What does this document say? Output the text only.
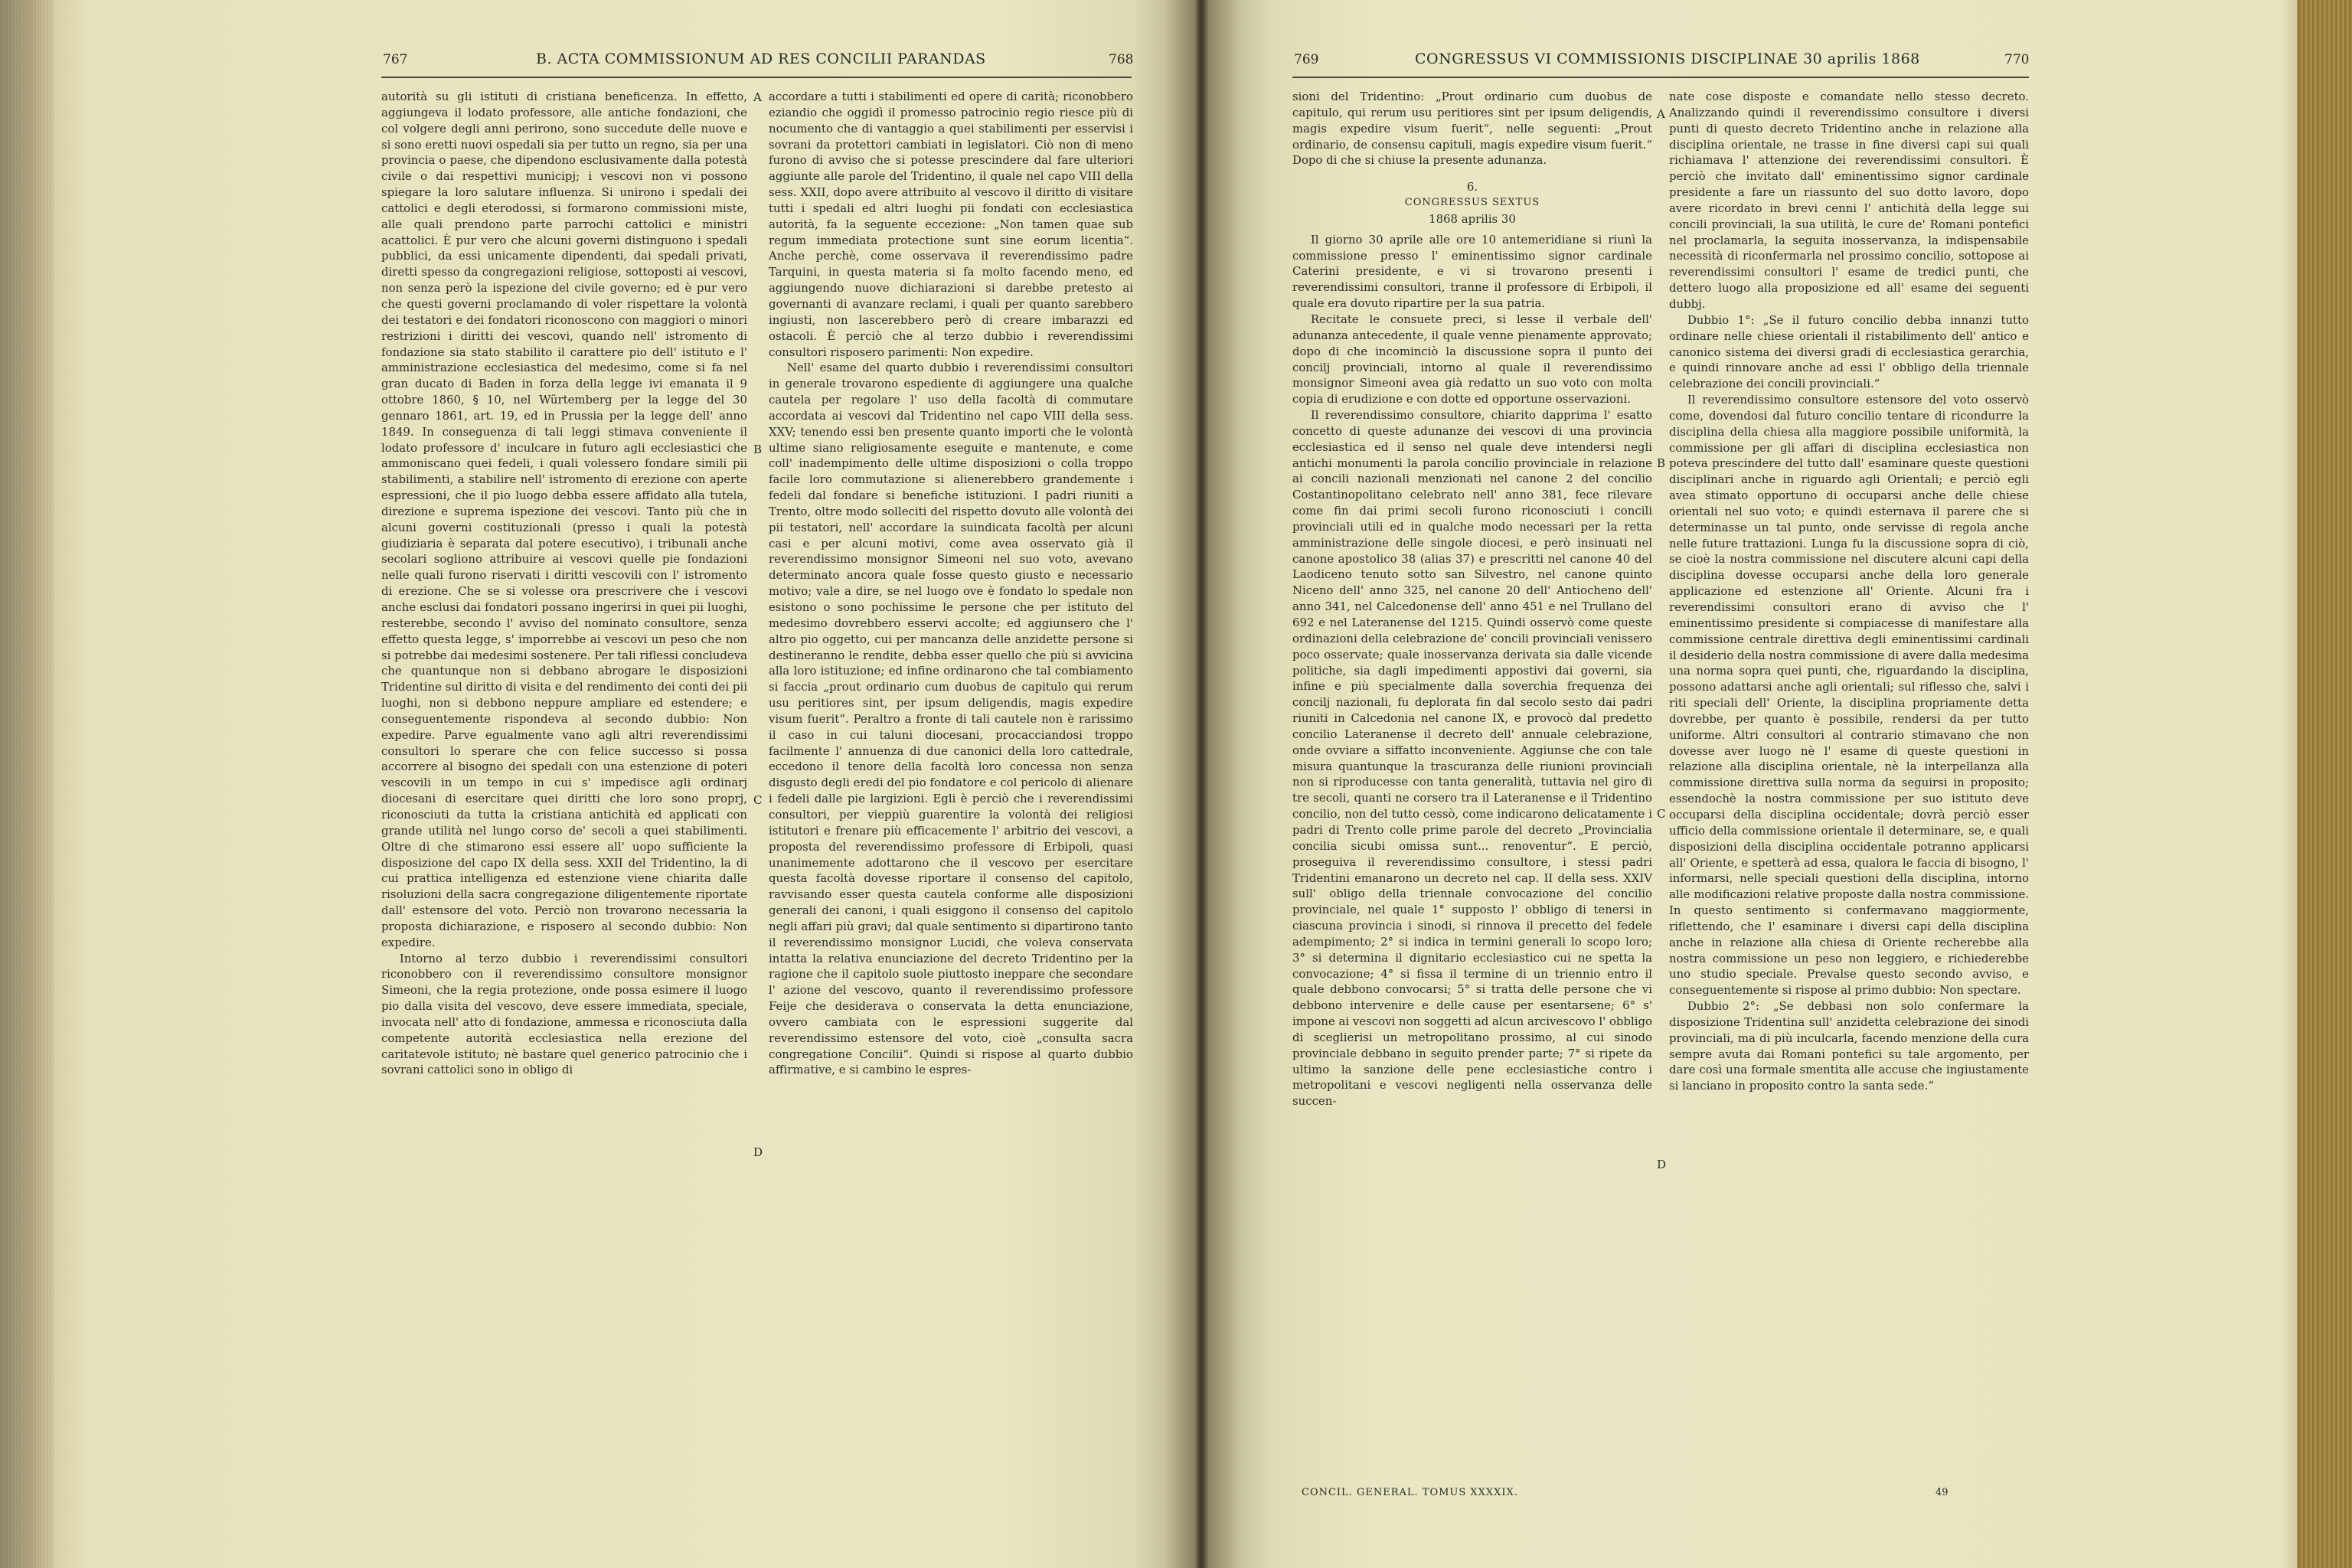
767	B. ACTA COMMISSIONUM AD RES CONCILII PARANDAS	768

autorità su gli istituti di cristiana beneficenza. In effetto, aggiungeva il lodato professore, alle antiche fondazioni, che col volgere degli anni perirono, sono succedute delle nuove e si sono eretti nuovi ospedali sia per tutto un regno, sia per una provincia o paese, che dipendono esclusivamente dalla potestà civile o dai respettivi municipj; i vescovi non vi possono spiegare la loro salutare influenza. Si unirono i spedali dei cattolici e degli eterodossi, si formarono commissioni miste, alle quali prendono parte parrochi cattolici e ministri acattolici. È pur vero che alcuni governi distinguono i spedali pubblici, da essi unicamente dipendenti, dai spedali privati, diretti spesso da congregazioni religiose, sottoposti ai vescovi, non senza però la ispezione del civile governo; ed è pur vero che questi governi proclamando di voler rispettare la volontà dei testatori e dei fondatori riconoscono con maggiori o minori restrizioni i diritti dei vescovi, quando nell' istromento di fondazione sia stato stabilito il carattere pio dell' istituto e l' amministrazione ecclesiastica del medesimo, come si fa nel gran ducato di Baden in forza della legge ivi emanata il 9 ottobre 1860, § 10, nel Würtemberg per la legge del 30 gennaro 1861, art. 19, ed in Prussia per la legge dell' anno 1849. In conseguenza di tali leggi stimava conveniente il lodato professore d' inculcare in futuro agli ecclesiastici che ammoniscano quei fedeli, i quali volessero fondare simili pii stabilimenti, a stabilire nell' istromento di erezione con aperte espressioni, che il pio luogo debba essere affidato alla tutela, direzione e suprema ispezione dei vescovi. Tanto più che in alcuni governi costituzionali (presso i quali la potestà giudiziaria è separata dal potere esecutivo), i tribunali anche secolari sogliono attribuire ai vescovi quelle pie fondazioni nelle quali furono riservati i diritti vescovili con l' istromento di erezione. Che se si volesse ora prescrivere che i vescovi anche esclusi dai fondatori possano ingerirsi in quei pii luoghi, resterebbe, secondo l' avviso del nominato consultore, senza effetto questa legge, s' imporrebbe ai vescovi un peso che non si potrebbe dai medesimi sostenere. Per tali riflessi concludeva che quantunque non si debbano abrogare le disposizioni Tridentine sul diritto di visita e del rendimento dei conti dei pii luoghi, non si debbono neppure ampliare ed estendere; e conseguentemente rispondeva al secondo dubbio: Non expedire. Parve egualmente vano agli altri reverendissimi consultori lo sperare che con felice successo si possa accorrere al bisogno dei spedali con una estenzione di poteri vescovili in un tempo in cui s' impedisce agli ordinarj diocesani di esercitare quei diritti che loro sono proprj, riconosciuti da tutta la cristiana antichità ed applicati con grande utilità nel lungo corso de' secoli a quei stabilimenti. Oltre di che stimarono essi essere all' uopo sufficiente la disposizione del capo IX della sess. XXII del Tridentino, la di cui prattica intelligenza ed estenzione viene chiarita dalle risoluzioni della sacra congregazione diligentemente riportate dall' estensore del voto. Perciò non trovarono necessaria la proposta dichiarazione, e risposero al secondo dubbio: Non expedire.

Intorno al terzo dubbio i reverendissimi consultori riconobbero con il reverendissimo consultore monsignor Simeoni, che la regia protezione, onde possa esimere il luogo pio dalla visita del vescovo, deve essere immediata, speciale, invocata nell' atto di fondazione, ammessa e riconosciuta dalla competente autorità ecclesiastica nella erezione del caritatevole istituto; nè bastare quel generico patrocinio che i sovrani cattolici sono in obligo di

accordare a tutti i stabilimenti ed opere di carità; riconobbero eziandio che oggidì il promesso patrocinio regio riesce più di nocumento che di vantaggio a quei stabilimenti per esservisi i sovrani da protettori cambiati in legislatori. Ciò non di meno furono di avviso che si potesse prescindere dal fare ulteriori aggiunte alle parole del Tridentino, il quale nel capo VIII della sess. XXII, dopo avere attribuito al vescovo il diritto di visitare tutti i spedali ed altri luoghi pii fondati con ecclesiastica autorità, fa la seguente eccezione: „Non tamen quae sub regum immediata protectione sunt sine eorum licentia“. Anche perchè, come osservava il reverendissimo padre Tarquini, in questa materia si fa molto facendo meno, ed aggiungendo nuove dichiarazioni si darebbe pretesto ai governanti di avanzare reclami, i quali per quanto sarebbero ingiusti, non lascerebbero però di creare imbarazzi ed ostacoli. È perciò che al terzo dubbio i reverendissimi consultori risposero parimenti: Non expedire.

Nell' esame del quarto dubbio i reverendissimi consultori in generale trovarono espediente di aggiungere una qualche cautela per regolare l' uso della facoltà di commutare accordata ai vescovi dal Tridentino nel capo VIII della sess. XXV; tenendo essi ben presente quanto importi che le volontà ultime siano religiosamente eseguite e mantenute, e come coll' inadempimento delle ultime disposizioni o colla troppo facile loro commutazione si alienerebbero grandemente i fedeli dal fondare si benefiche istituzioni. I padri riuniti a Trento, oltre modo solleciti del rispetto dovuto alle volontà dei pii testatori, nell' accordare la suindicata facoltà per alcuni casi e per alcuni motivi, come avea osservato già il reverendissimo monsignor Simeoni nel suo voto, avevano determinato ancora quale fosse questo giusto e necessario motivo; vale a dire, se nel luogo ove è fondato lo spedale non esistono o sono pochissime le persone che per istituto del medesimo dovrebbero esservi accolte; ed aggiunsero che l' altro pio oggetto, cui per mancanza delle anzidette persone si destineranno le rendite, debba esser quello che più si avvicina alla loro istituzione; ed infine ordinarono che tal combiamento si faccia „prout ordinario cum duobus de capitulo qui rerum usu peritiores sint, per ipsum deligendis, magis expedire visum fuerit“. Peraltro a fronte di tali cautele non è rarissimo il caso in cui taluni diocesani, procacciandosi troppo facilmente l' annuenza di due canonici della loro cattedrale, eccedono il tenore della facoltà loro concessa non senza disgusto degli eredi del pio fondatore e col pericolo di alienare i fedeli dalle pie largizioni. Egli è perciò che i reverendissimi consultori, per vieppiù guarentire la volontà dei religiosi istitutori e frenare più efficacemente l' arbitrio dei vescovi, a proposta del reverendissimo professore di Erbipoli, quasi unanimemente adottarono che il vescovo per esercitare questa facoltà dovesse riportare il consenso del capitolo, ravvisando esser questa cautela conforme alle disposizioni generali dei canoni, i quali esiggono il consenso del capitolo negli affari più gravi; dal quale sentimento si dipartirono tanto il reverendissimo monsignor Lucidi, che voleva conservata intatta la relativa enunciazione del decreto Tridentino per la ragione che il capitolo suole piuttosto ineppare che secondare l' azione del vescovo, quanto il reverendissimo professore Feije che desiderava o conservata la detta enunciazione, ovvero cambiata con le espressioni suggerite dal reverendissimo estensore del voto, cioè „consulta sacra congregatione Concilii“. Quindi si rispose al quarto dubbio affirmative, e si cambino le espres-

A
B
C
D
769	CONGRESSUS VI COMMISSIONIS DISCIPLINAE 30 aprilis 1868	770

sioni del Tridentino: „Prout ordinario cum duobus de capitulo, qui rerum usu peritiores sint per ipsum deligendis, magis expedire visum fuerit“, nelle seguenti: „Prout ordinario, de consensu capituli, magis expedire visum fuerit.“ Dopo di che si chiuse la presente adunanza.

6.

CONGRESSUS SEXTUS

1868 aprilis 30

Il giorno 30 aprile alle ore 10 antemeridiane si riunì la commissione presso l' eminentissimo signor cardinale Caterini presidente, e vi si trovarono presenti i reverendissimi consultori, tranne il professore di Erbipoli, il quale era dovuto ripartire per la sua patria.

Recitate le consuete preci, si lesse il verbale dell' adunanza antecedente, il quale venne pienamente approvato; dopo di che incominciò la discussione sopra il punto dei concilj provinciali, intorno al quale il reverendissimo monsignor Simeoni avea già redatto un suo voto con molta copia di erudizione e con dotte ed opportune osservazioni.

Il reverendissimo consultore, chiarito dapprima l' esatto concetto di queste adunanze dei vescovi di una provincia ecclesiastica ed il senso nel quale deve intendersi negli antichi monumenti la parola concilio provinciale in relazione ai concili nazionali menzionati nel canone 2 del concilio Costantinopolitano celebrato nell' anno 381, fece rilevare come fin dai primi secoli furono riconosciuti i concili provinciali utili ed in qualche modo necessari per la retta amministrazione delle singole diocesi, e però insinuati nel canone apostolico 38 (alias 37) e prescritti nel canone 40 del Laodiceno tenuto sotto san Silvestro, nel canone quinto Niceno dell' anno 325, nel canone 20 dell' Antiocheno dell' anno 341, nel Calcedonense dell' anno 451 e nel Trullano del 692 e nel Lateranense del 1215. Quindi osservò come queste ordinazioni della celebrazione de' concili provinciali venissero poco osservate; quale inosservanza derivata sia dalle vicende politiche, sia dagli impedimenti appostivi dai governi, sia infine e più specialmente dalla soverchia frequenza dei concilj nazionali, fu deplorata fin dal secolo sesto dai padri riuniti in Calcedonia nel canone IX, e provocò dal predetto concilio Lateranense il decreto dell' annuale celebrazione, onde ovviare a siffatto inconveniente. Aggiunse che con tale misura quantunque la trascuranza delle riunioni provinciali non si riproducesse con tanta generalità, tuttavia nel giro di tre secoli, quanti ne corsero tra il Lateranense e il Tridentino concilio, non del tutto cessò, come indicarono delicatamente i padri di Trento colle prime parole del decreto „Provincialia concilia sicubi omissa sunt... renoventur“. E perciò, proseguiva il reverendissimo consultore, i stessi padri Tridentini emanarono un decreto nel cap. II della sess. XXIV sull' obligo della triennale convocazione del concilio provinciale, nel quale 1° supposto l' obbligo di tenersi in ciascuna provincia i sinodi, si rinnova il precetto del fedele adempimento; 2° si indica in termini generali lo scopo loro; 3° si determina il dignitario ecclesiastico cui ne spetta la convocazione; 4° si fissa il termine di un triennio entro il quale debbono convocarsi; 5° si tratta delle persone che vi debbono intervenire e delle cause per esentarsene; 6° s' impone ai vescovi non soggetti ad alcun arcivescovo l' obbligo di sceglierisi un metropolitano prossimo, al cui sinodo provinciale debbano in seguito prender parte; 7° si ripete da ultimo la sanzione delle pene ecclesiastiche contro i metropolitani e vescovi negligenti nella osservanza delle succen-

nate cose disposte e comandate nello stesso decreto. Analizzando quindi il reverendissimo consultore i diversi punti di questo decreto Tridentino anche in relazione alla disciplina orientale, ne trasse in fine diversi capi sui quali richiamava l' attenzione dei reverendissimi consultori. È perciò che invitato dall' eminentissimo signor cardinale presidente a fare un riassunto del suo dotto lavoro, dopo avere ricordato in brevi cenni l' antichità della legge sui concili provinciali, la sua utilità, le cure de' Romani pontefici nel proclamarla, la seguita inosservanza, la indispensabile necessità di riconfermarla nel prossimo concilio, sottopose ai reverendissimi consultori l' esame de tredici punti, che dettero luogo alla proposizione ed all' esame dei seguenti dubbj.

Dubbio 1°: „Se il futuro concilio debba innanzi tutto ordinare nelle chiese orientali il ristabilimento dell' antico e canonico sistema dei diversi gradi di ecclesiastica gerarchia, e quindi rinnovare anche ad essi l' obbligo della triennale celebrazione dei concili provinciali.“

Il reverendissimo consultore estensore del voto osservò come, dovendosi dal futuro concilio tentare di ricondurre la disciplina della chiesa alla maggiore possibile uniformità, la commissione per gli affari di disciplina ecclesiastica non poteva prescindere del tutto dall' esaminare queste questioni disciplinari anche in riguardo agli Orientali; e perciò egli avea stimato opportuno di occuparsi anche delle chiese orientali nel suo voto; e quindi esternava il parere che si determinasse un tal punto, onde servisse di regola anche nelle future trattazioni. Lunga fu la discussione sopra di ciò, se cioè la nostra commissione nel discutere alcuni capi della disciplina dovesse occuparsi anche della loro generale applicazione ed estenzione all' Oriente. Alcuni fra i reverendissimi consultori erano di avviso che l' eminentissimo presidente si compiacesse di manifestare alla commissione centrale direttiva degli eminentissimi cardinali il desiderio della nostra commissione di avere dalla medesima una norma sopra quei punti, che, riguardando la disciplina, possono adattarsi anche agli orientali; sul riflesso che, salvi i riti speciali dell' Oriente, la disciplina propriamente detta dovrebbe, per quanto è possibile, rendersi da per tutto uniforme. Altri consultori al contrario stimavano che non dovesse aver luogo nè l' esame di queste questioni in relazione alla disciplina orientale, nè la interpellanza alla commissione direttiva sulla norma da seguirsi in proposito; essendochè la nostra commissione per suo istituto deve occuparsi della disciplina occidentale; dovrà perciò esser ufficio della commissione orientale il determinare, se, e quali disposizioni della disciplina occidentale potranno applicarsi all' Oriente, e spetterà ad essa, qualora le faccia di bisogno, l' informarsi, nelle speciali questioni della disciplina, intorno alle modificazioni relative proposte dalla nostra commissione. In questo sentimento si confermavano maggiormente, riflettendo, che l' esaminare i diversi capi della disciplina anche in relazione alla chiesa di Oriente recherebbe alla nostra commissione un peso non leggiero, e richiederebbe uno studio speciale. Prevalse questo secondo avviso, e conseguentemente si rispose al primo dubbio: Non spectare.

Dubbio 2°: „Se debbasi non solo confermare la disposizione Tridentina sull' anzidetta celebrazione dei sinodi provinciali, ma di più inculcarla, facendo menzione della cura sempre avuta dai Romani pontefici su tale argomento, per dare così una formale smentita alle accuse che ingiustamente si lanciano in proposito contro la santa sede.“

A
B
C
D
CONCIL. GENERAL. TOMUS XXXXIX.	49
